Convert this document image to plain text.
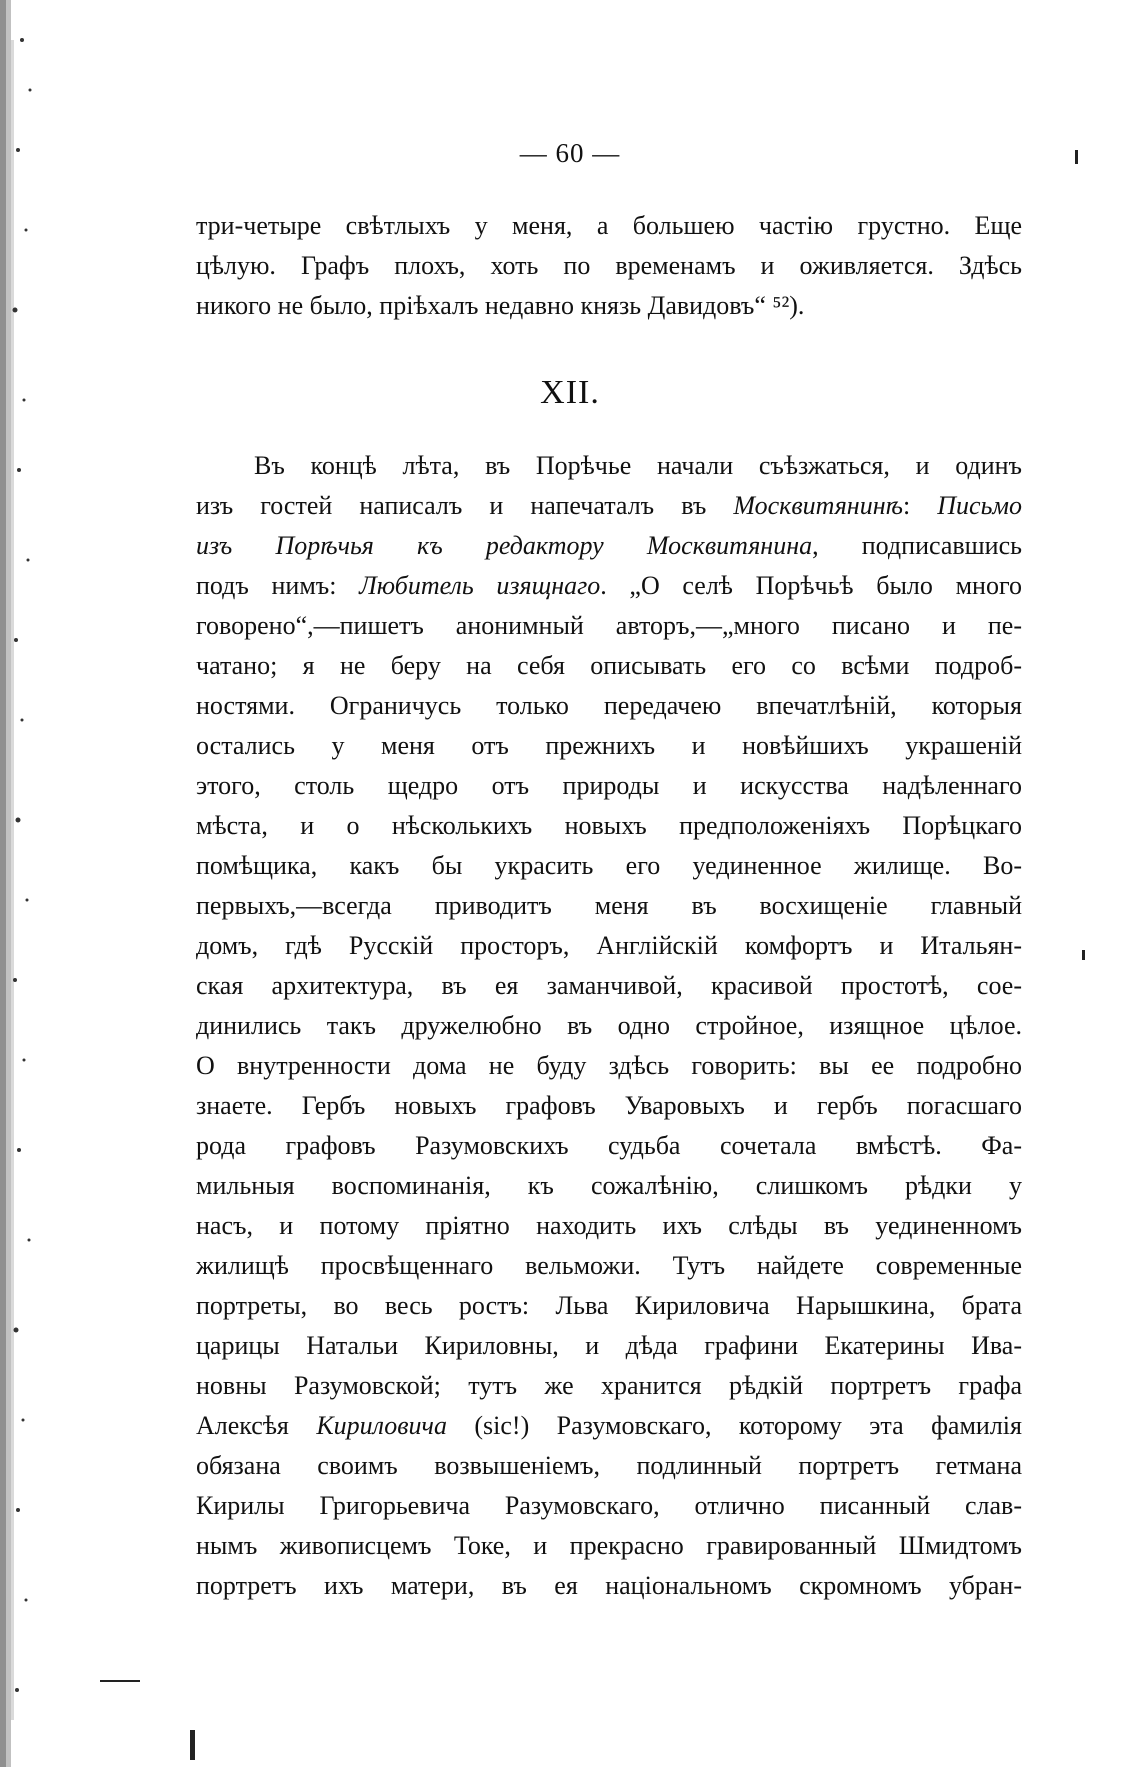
— 60 —
три-четыре свѣтлыхъ у меня, а большею частію грустно. Еще
цѣлую. Графъ плохъ, хоть по временамъ и оживляется. Здѣсь
никого не было, пріѣхалъ недавно князь Давидовъ“ ⁵²).
XII.
Въ концѣ лѣта, въ Порѣчье начали съѣзжаться, и одинъ
изъ гостей написалъ и напечаталъ въ Москвитянинѣ: Письмо
изъ Порѣчья къ редактору Москвитянина, подписавшись
подъ нимъ: Любитель изящнаго. „О селѣ Порѣчьѣ было много
говорено“,—пишетъ анонимный авторъ,—„много писано и пе-
чатано; я не беру на себя описывать его со всѣми подроб-
ностями. Ограничусь только передачею впечатлѣній, которыя
остались у меня отъ прежнихъ и новѣйшихъ украшеній
этого, столь щедро отъ природы и искусства надѣленнаго
мѣста, и о нѣсколькихъ новыхъ предположеніяхъ Порѣцкаго
помѣщика, какъ бы украсить его уединенное жилище. Во-
первыхъ,—всегда приводитъ меня въ восхищеніе главный
домъ, гдѣ Русскій просторъ, Англійскій комфортъ и Итальян-
ская архитектура, въ ея заманчивой, красивой простотѣ, сое-
динились такъ дружелюбно въ одно стройное, изящное цѣлое.
О внутренности дома не буду здѣсь говорить: вы ее подробно
знаете. Гербъ новыхъ графовъ Уваровыхъ и гербъ погасшаго
рода графовъ Разумовскихъ судьба сочетала вмѣстѣ. Фа-
мильныя воспоминанія, къ сожалѣнію, слишкомъ рѣдки у
насъ, и потому пріятно находить ихъ слѣды въ уединенномъ
жилищѣ просвѣщеннаго вельможи. Тутъ найдете современные
портреты, во весь ростъ: Льва Кириловича Нарышкина, брата
царицы Натальи Кириловны, и дѣда графини Екатерины Ива-
новны Разумовской; тутъ же хранится рѣдкій портретъ графа
Алексѣя Кириловича (sic!) Разумовскаго, которому эта фамилія
обязана своимъ возвышеніемъ, подлинный портретъ гетмана
Кирилы Григорьевича Разумовскаго, отлично писанный слав-
нымъ живописцемъ Токе, и прекрасно гравированный Шмидтомъ
портретъ ихъ матери, въ ея національномъ скромномъ убран-
